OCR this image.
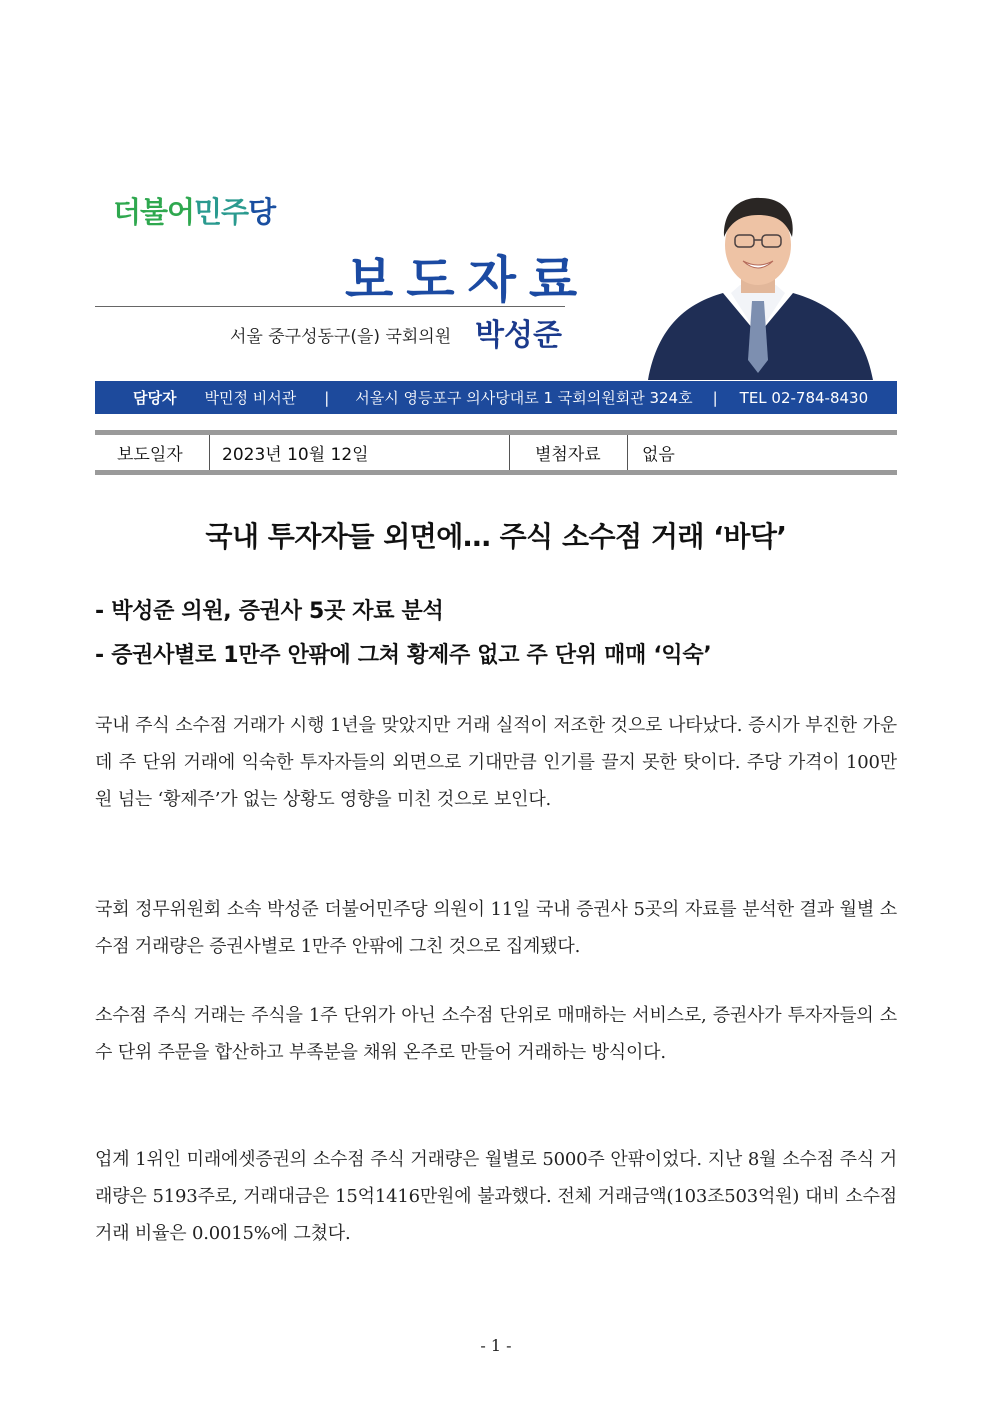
더불어민주당
보도자료
서울 중구성동구(을) 국회의원 박성준
담당자 박민정 비서관 | 서울시 영등포구 의사당대로 1 국회의원회관 324호 | TEL 02-784-8430
보도일자 2023년 10월 12일	별첨자료 없음
국내 투자자들 외면에… 주식 소수점 거래 ‘바닥’
- 박성준 의원, 증권사 5곳 자료 분석
- 증권사별로 1만주 안팎에 그쳐 황제주 없고 주 단위 매매 ‘익숙’
국내 주식 소수점 거래가 시행 1년을 맞았지만 거래 실적이 저조한 것으로 나타났다. 증시가 부진한 가운데 주 단위 거래에 익숙한 투자자들의 외면으로 기대만큼 인기를 끌지 못한 탓이다. 주당 가격이 100만원 넘는 ‘황제주’가 없는 상황도 영향을 미친 것으로 보인다.
국회 정무위원회 소속 박성준 더불어민주당 의원이 11일 국내 증권사 5곳의 자료를 분석한 결과 월별 소수점 거래량은 증권사별로 1만주 안팎에 그친 것으로 집계됐다.
소수점 주식 거래는 주식을 1주 단위가 아닌 소수점 단위로 매매하는 서비스로, 증권사가 투자자들의 소수 단위 주문을 합산하고 부족분을 채워 온주로 만들어 거래하는 방식이다.
업계 1위인 미래에셋증권의 소수점 주식 거래량은 월별로 5000주 안팎이었다. 지난 8월 소수점 주식 거래량은 5193주로, 거래대금은 15억1416만원에 불과했다. 전체 거래금액(103조503억원) 대비 소수점 거래 비율은 0.0015%에 그쳤다.
- 1 -
